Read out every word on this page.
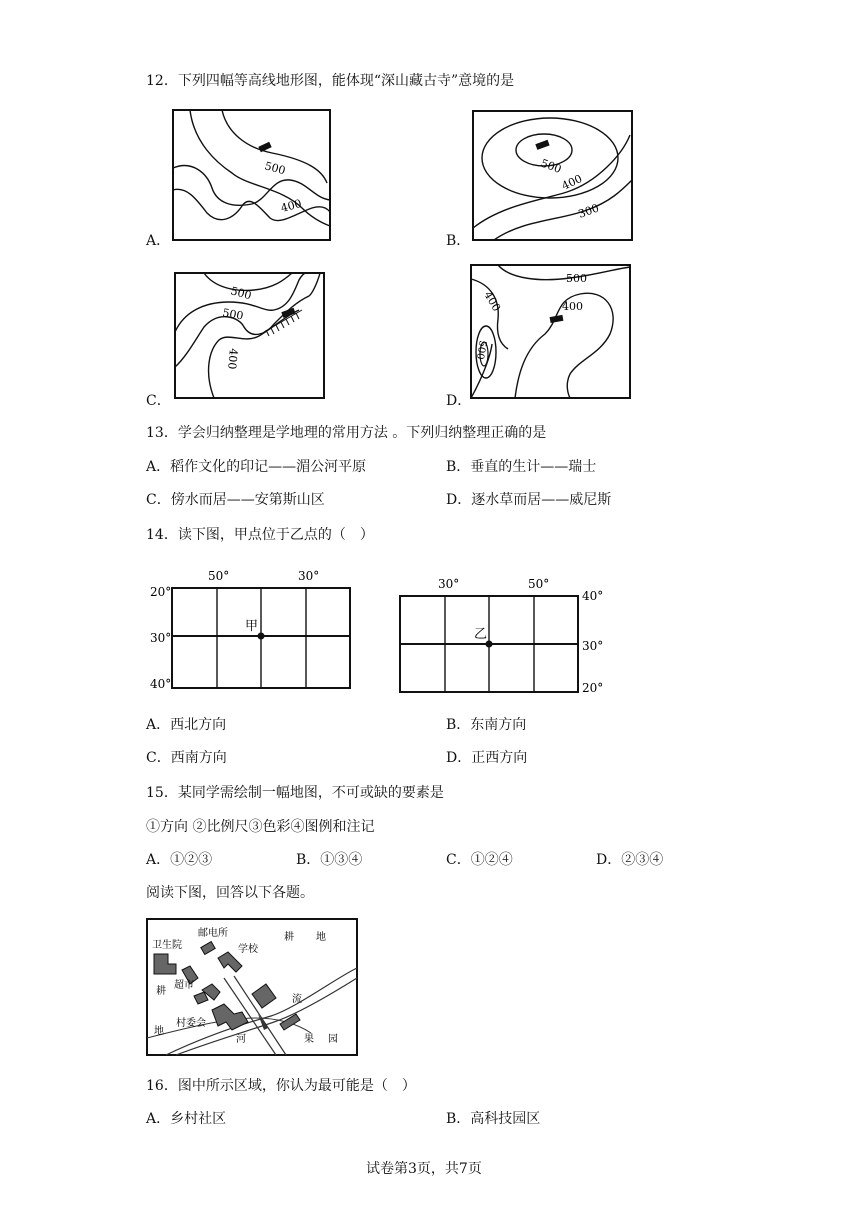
12．下列四幅等高线地形图，能体现“深山藏古寺”意境的是
500
400
A．
500
400
300
B．
500
500
400
C．
500
400	400
500
D．
13．学会归纳整理是学地理的常用方法 。下列归纳整理正确的是
A．稻作文化的印记——湄公河平原	B．垂直的生计——瑞士
C．傍水而居——安第斯山区	D．逐水草而居——威尼斯
14．读下图，甲点位于乙点的（　）
50°	30°
20°
30°
40°
甲
30°	50°
40°
30°
20°
乙
A．西北方向	B．东南方向
C．西南方向	D．正西方向
15．某同学需绘制一幅地图，不可或缺的要素是
①方向 ②比例尺③色彩④图例和注记
A．①②③	B．①③④	C．①②④	D．②③④
阅读下图，回答以下各题。
卫生院
邮电所	耕 地
学校
耕
超市
流
地
村委会
河	果 园
16．图中所示区域，你认为最可能是（　）
A．乡村社区	B．高科技园区
试卷第3页，共7页
